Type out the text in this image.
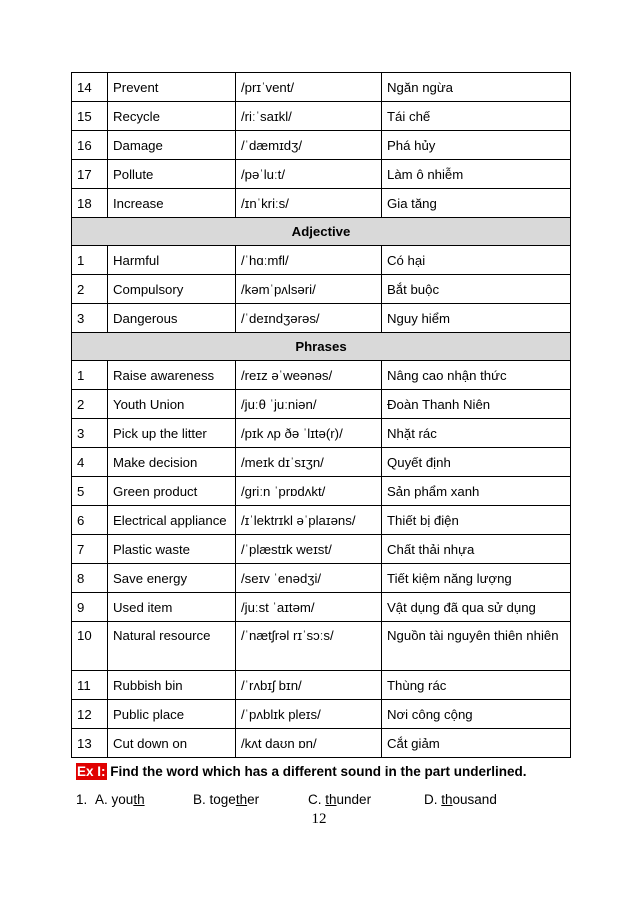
14	Prevent	/prɪˈvent/	Ngăn ngừa
15	Recycle	/riːˈsaɪkl/	Tái chế
16	Damage	/ˈdæmɪdʒ/	Phá hủy
17	Pollute	/pəˈluːt/	Làm ô nhiễm
18	Increase	/ɪnˈkriːs/	Gia tăng
Adjective			
1	Harmful	/ˈhɑːmfl/	Có hại
2	Compulsory	/kəmˈpʌlsəri/	Bắt buộc
3	Dangerous	/ˈdeɪndʒərəs/	Nguy hiểm
Phrases			
1	Raise awareness	/reɪz əˈweənəs/	Nâng cao nhận thức
2	Youth Union	/juːθ ˈjuːniən/	Đoàn Thanh Niên
3	Pick up the litter	/pɪk ʌp ðə ˈlɪtə(r)/	Nhặt rác
4	Make decision	/meɪk dɪˈsɪʒn/	Quyết định
5	Green product	/ɡriːn ˈprɒdʌkt/	Sản phẩm xanh
6	Electrical appliance	/ɪˈlektrɪkl əˈplaɪəns/	Thiết bị điện
7	Plastic waste	/ˈplæstɪk weɪst/	Chất thải nhựa
8	Save energy	/seɪv ˈenədʒi/	Tiết kiệm năng lượng
9	Used item	/juːst ˈaɪtəm/	Vật dụng đã qua sử dụng
10	Natural resource	/ˈnætʃrəl rɪˈsɔːs/	Nguồn tài nguyên thiên nhiên
11	Rubbish bin	/ˈrʌbɪʃ bɪn/	Thùng rác
12	Public place	/ˈpʌblɪk pleɪs/	Nơi công cộng
13	Cut down on	/kʌt daʊn ɒn/	Cắt giảm
Ex I: Find the word which has a different sound in the part underlined.
1. A. youth	B. together	C. thunder	D. thousand
12
